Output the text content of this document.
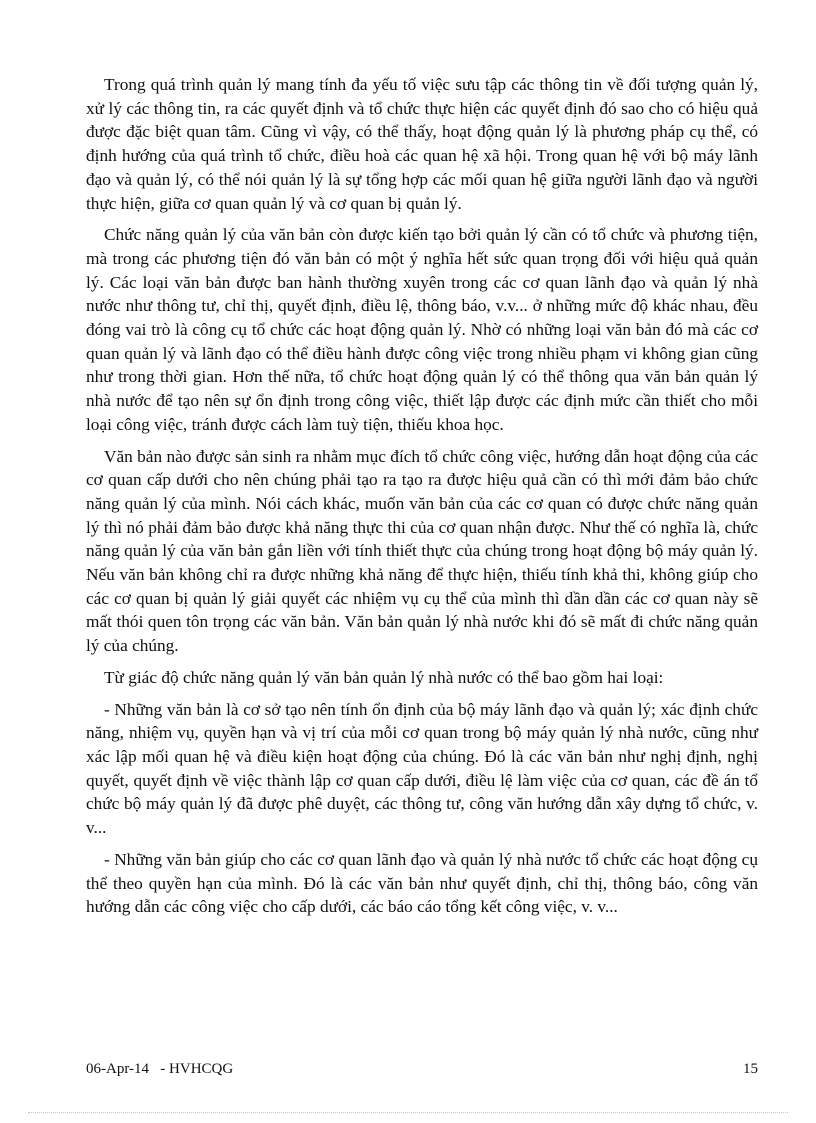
Trong quá trình quản lý mang tính đa yếu tố việc sưu tập các thông tin về đối tượng quản lý, xử lý các thông tin, ra các quyết định và tổ chức thực hiện các quyết định đó sao cho có hiệu quả được đặc biệt quan tâm. Cũng vì vậy, có thể thấy, hoạt động quản lý là phương pháp cụ thể, có định hướng của quá trình tổ chức, điều hoà các quan hệ xã hội. Trong quan hệ với bộ máy lãnh đạo và quản lý, có thể nói quản lý là sự tổng hợp các mối quan hệ giữa người lãnh đạo và người thực hiện, giữa cơ quan quản lý và cơ quan bị quản lý.

Chức năng quản lý của văn bản còn được kiến tạo bởi quản lý cần có tổ chức và phương tiện, mà trong các phương tiện đó văn bản có một ý nghĩa hết sức quan trọng đối với hiệu quả quản lý. Các loại văn bản được ban hành thường xuyên trong các cơ quan lãnh đạo và quản lý nhà nước như thông tư, chỉ thị, quyết định, điều lệ, thông báo, v.v... ở những mức độ khác nhau, đều đóng vai trò là công cụ tổ chức các hoạt động quản lý. Nhờ có những loại văn bản đó mà các cơ quan quản lý và lãnh đạo có thể điều hành được công việc trong nhiều phạm vi không gian cũng như trong thời gian. Hơn thế nữa, tổ chức hoạt động quản lý có thể thông qua văn bản quản lý nhà nước để tạo nên sự ổn định trong công việc, thiết lập được các định mức cần thiết cho mỗi loại công việc, tránh được cách làm tuỳ tiện, thiếu khoa học.

Văn bản nào được sản sinh ra nhằm mục đích tổ chức công việc, hướng dẫn hoạt động của các cơ quan cấp dưới cho nên chúng phải tạo ra tạo ra được hiệu quả cần có thì mới đảm bảo chức năng quản lý của mình. Nói cách khác, muốn văn bản của các cơ quan có được chức năng quản lý thì nó phải đảm bảo được khả năng thực thi của cơ quan nhận được. Như thế có nghĩa là, chức năng quản lý của văn bản gắn liền với tính thiết thực của chúng trong hoạt động bộ máy quản lý. Nếu văn bản không chỉ ra được những khả năng để thực hiện, thiếu tính khả thi, không giúp cho các cơ quan bị quản lý giải quyết các nhiệm vụ cụ thể của mình thì dần dần các cơ quan này sẽ mất thói quen tôn trọng các văn bản. Văn bản quản lý nhà nước khi đó sẽ mất đi chức năng quản lý của chúng.

Từ giác độ chức năng quản lý văn bản quản lý nhà nước có thể bao gồm hai loại:

- Những văn bản là cơ sở tạo nên tính ổn định của bộ máy lãnh đạo và quản lý; xác định chức năng, nhiệm vụ, quyền hạn và vị trí của mỗi cơ quan trong bộ máy quản lý nhà nước, cũng như xác lập mối quan hệ và điều kiện hoạt động của chúng. Đó là các văn bản như nghị định, nghị quyết, quyết định về việc thành lập cơ quan cấp dưới, điều lệ làm việc của cơ quan, các đề án tổ chức bộ máy quản lý đã được phê duyệt, các thông tư, công văn hướng dẫn xây dựng tổ chức, v. v...

- Những văn bản giúp cho các cơ quan lãnh đạo và quản lý nhà nước tổ chức các hoạt động cụ thể theo quyền hạn của mình. Đó là các văn bản như quyết định, chỉ thị, thông báo, công văn hướng dẫn các công việc cho cấp dưới, các báo cáo tổng kết công việc, v. v...

06-Apr-14 - HVHCQG	15
